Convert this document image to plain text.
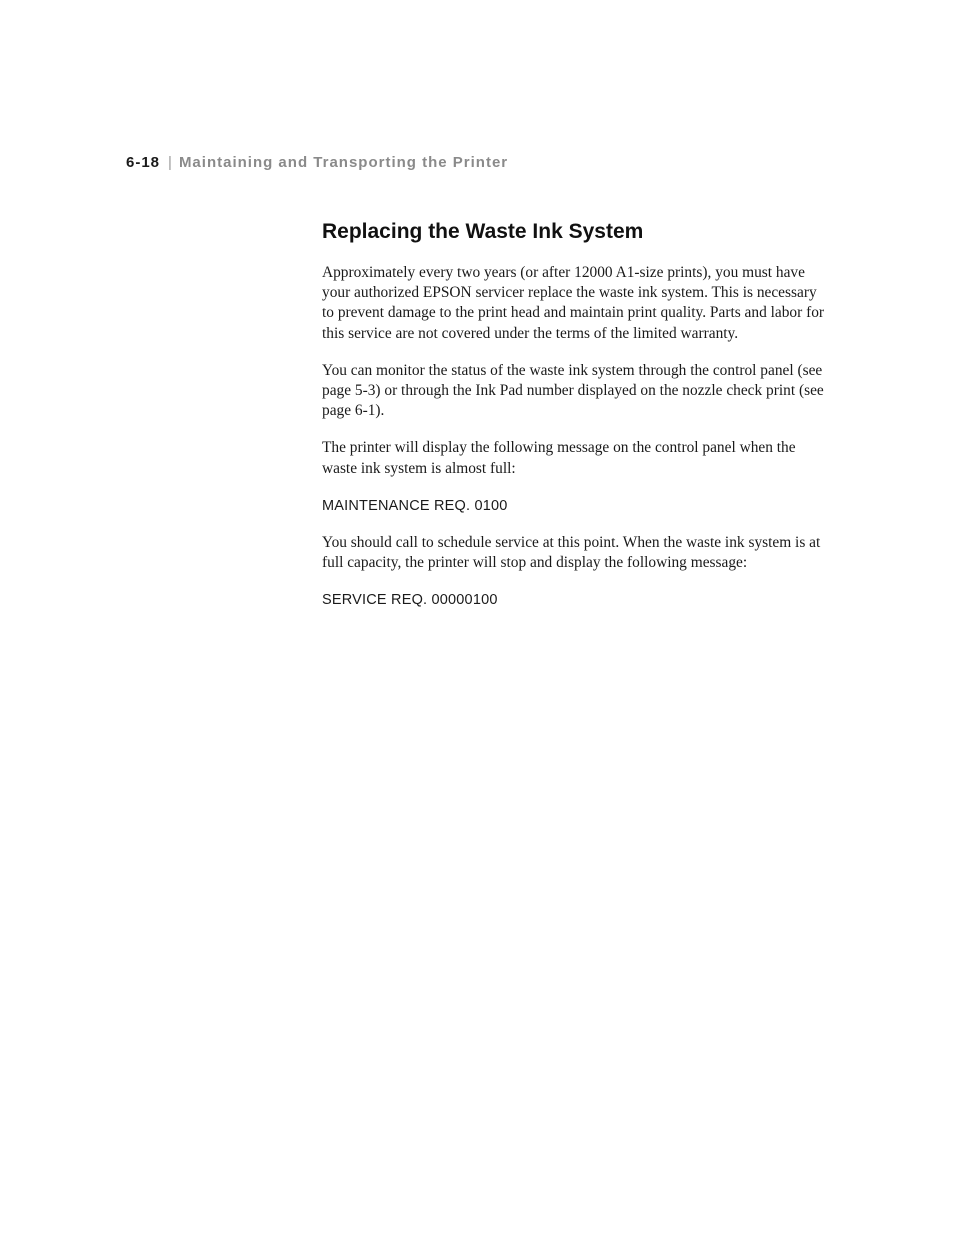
6-18 | Maintaining and Transporting the Printer
Replacing the Waste Ink System

Approximately every two years (or after 12000 A1-size prints), you must have your authorized EPSON servicer replace the waste ink system. This is necessary to prevent damage to the print head and maintain print quality. Parts and labor for this service are not covered under the terms of the limited warranty.

You can monitor the status of the waste ink system through the control panel (see page 5-3) or through the Ink Pad number displayed on the nozzle check print (see page 6-1).

The printer will display the following message on the control panel when the waste ink system is almost full:

MAINTENANCE REQ. 0100

You should call to schedule service at this point. When the waste ink system is at full capacity, the printer will stop and display the following message:

SERVICE REQ. 00000100
